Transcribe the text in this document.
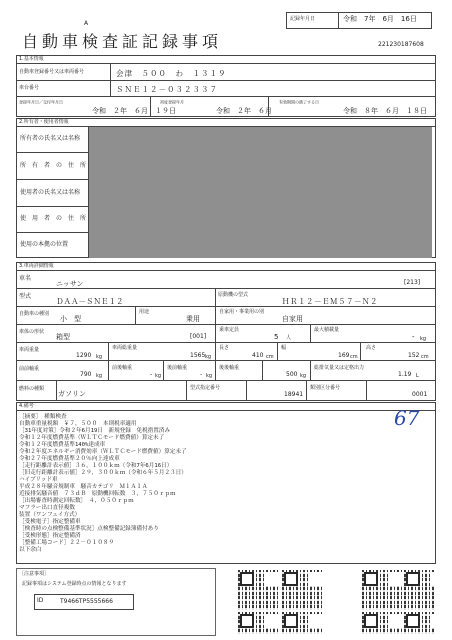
A
記録年月日	令和　7年　6月　16日
自動車検査証記録事項	221230187608
1.基本情報
自動車登録番号又は車両番号	会津　５００　わ　１３１９
車台番号	ＳＮＥ１２－０３２３３７
登録年月日／交付年月日
令和　２年　６月　１９日
初度登録年月
令和　２年　６月
有効期間の満了する日
令和　８年　６月　１８日
2.所有者・使用者情報
所有者の氏名又は名称
所　有　者　の　住　所
使用者の氏名又は名称
使　用　者　の　住　所
使用の本拠の位置
3.車両詳細情報
車名
ニッサン	[213]
型式
ＤＡＡ－ＳＮＥ１２
原動機の型式
ＨＲ１２－ＥＭ５７－Ｎ２
自動車の種別
小　型
用途
乗用
自家用・事業用の別
自家用
車体の形状
箱型	[001]
乗車定員
5 人
最大積載量
- kg
車両重量
1290 kg
車両総重量
1565 kg
長さ
410 cm
幅
169 cm
高さ
152 cm
前前軸重
790 kg
前後軸重
- kg
後前軸重
- kg
後後軸重
500 kg
総排気量又は定格出力
1.19 L
燃料の種類
ガソリン
型式指定番号
18941
類別区分番号
0001
4.備考	67
［摘要］　種類検査
自動車重量税額　￥７，５００　本則税率適用
［31年度対策］令和２年6月19日　新規登録　免税措置済み
令和１２年度燃費基準（ＷＬＴＣモード燃費値）算定未了
令和１２年度燃費基準140%達成車
令和２年度エネルギー消費効率（ＷＬＴＣモード燃費値）算定未了
令和２７年度燃費基準２０％向上達成車
［走行距離計表示値］３６，１００ｋｍ（令和7年6月16日）
［旧走行距離計表示値］２９，３００ｋｍ（令和６年５月２３日）
ハイブリッド車
平成２８年騒音規制車　騒音カテゴリ　Ｍ１Ａ１Ａ
近接排気騒音値　７３ｄＢ　原動機回転数　３，７５０ｒｐｍ
［出場審査時測定回転数］　４，０５０ｒｐｍ
マフラー出口直径複数
装置（ワンフェイ方式）
［受検電子］指定整備車
［検査時の点検整備基準状況］点検整備記録簿備付あり
［受検形態］指定整備済
［整備工場コード］２２－０１０８９
以下余白
［注意事項］
記録事項はシステム登録時点の情報となります
ID	T9466TP5555666
